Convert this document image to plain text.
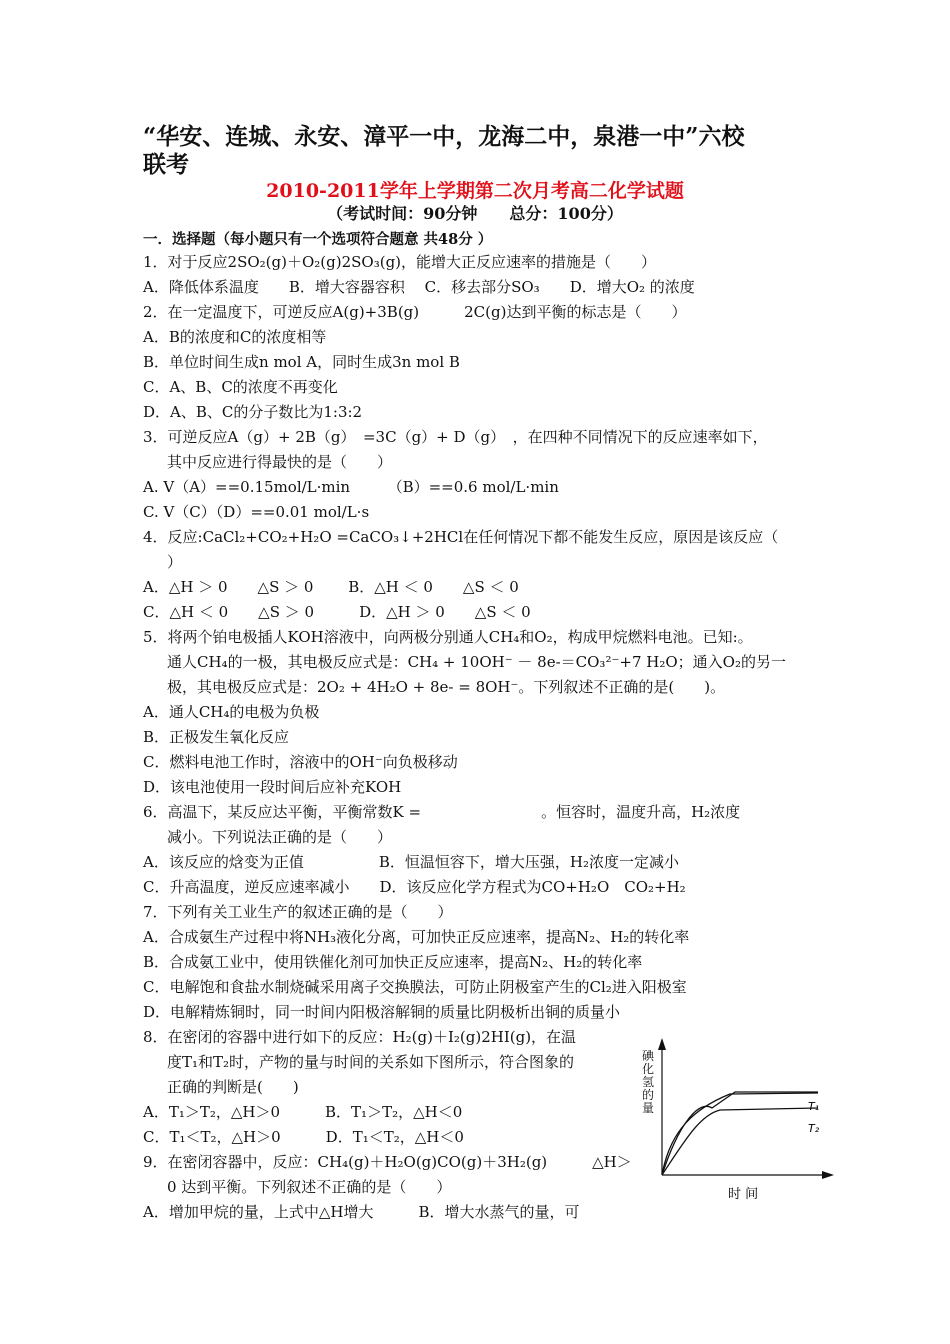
“华安、连城、永安、漳平一中，龙海二中，泉港一中”六校
联考
2010-2011学年上学期第二次月考高二化学试题
（考试时间：90分钟　　总分：100分）
一．选择题（每小题只有一个选项符合题意 共48分 ）
1．对于反应2SO₂(g)＋O₂(g)2SO₃(g)，能增大正反应速率的措施是（　　）
A．降低体系温度　　B．增大容器容积　 C．移去部分SO₃　　D．增大O₂ 的浓度
2．在一定温度下，可逆反应A(g)+3B(g)　　　2C(g)达到平衡的标志是（　　）
A．B的浓度和C的浓度相等
B．单位时间生成n mol A，同时生成3n mol B
C．A、B、C的浓度不再变化
D．A、B、C的分子数比为1:3:2
3．可逆反应A（g）+ 2B（g）　=3C（g）+ D（g）　，在四种不同情况下的反应速率如下，
其中反应进行得最快的是（　　）
A. V（A）==0.15mol/L·min　　　（B）==0.6 mol/L·min
C. V（C）（D）==0.01 mol/L·s
4．反应:CaCl₂+CO₂+H₂O =CaCO₃↓+2HCl在任何情况下都不能发生反应，原因是该反应（
）
A．△H ＞ 0　　△S ＞ 0　　 B．△H ＜ 0　　△S ＜ 0
C．△H ＜ 0　　△S ＞ 0　　　D．△H ＞ 0　　△S ＜ 0
5．将两个铂电极插人KOH溶液中，向两极分别通人CH₄和O₂，构成甲烷燃料电池。已知:。
通人CH₄的一极，其电极反应式是：CH₄ + 10OH⁻ － 8e-＝CO₃²⁻+7 H₂O；通入O₂的另一
极，其电极反应式是：2O₂ + 4H₂O + 8e- = 8OH⁻。下列叙述不正确的是(　　)。
A．通人CH₄的电极为负极
B．正极发生氧化反应
C．燃料电池工作时，溶液中的OH⁻向负极移动
D．该电池使用一段时间后应补充KOH
6．高温下，某反应达平衡，平衡常数K =　　　　　　　　。恒容时，温度升高，H₂浓度
减小。下列说法正确的是（　　）
A．该反应的焓变为正值　　　　　B．恒温恒容下，增大压强，H₂浓度一定减小
C．升高温度，逆反应速率减小　　D．该反应化学方程式为CO+H₂O　CO₂+H₂
7．下列有关工业生产的叙述正确的是（　　）
A．合成氨生产过程中将NH₃液化分离，可加快正反应速率，提高N₂、H₂的转化率
B．合成氨工业中，使用铁催化剂可加快正反应速率，提高N₂、H₂的转化率
C．电解饱和食盐水制烧碱采用离子交换膜法，可防止阴极室产生的Cl₂进入阳极室
D．电解精炼铜时，同一时间内阳极溶解铜的质量比阴极析出铜的质量小
8．在密闭的容器中进行如下的反应：H₂(g)＋I₂(g)2HI(g)，在温
度T₁和T₂时，产物的量与时间的关系如下图所示，符合图象的
正确的判断是(　　)
A．T₁＞T₂，△H＞0　　　B．T₁＞T₂，△H＜0
C．T₁＜T₂，△H＞0　　　D．T₁＜T₂，△H＜0
9．在密闭容器中，反应：CH₄(g)＋H₂O(g)CO(g)＋3H₂(g)　　　△H＞
0 达到平衡。下列叙述不正确的是（　　）
A．增加甲烷的量，上式中△H增大　　　B．增大水蒸气的量，可
碘化氢的量	T₁
T₂
时 间
